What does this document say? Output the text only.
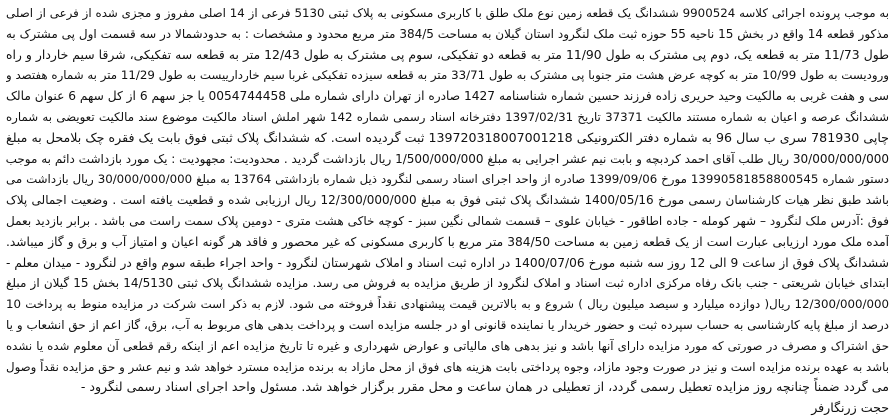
به موجب پرونده اجرائی کلاسه 9900524 ششدانگ یک قطعه زمین نوع ملک طلق با کاربری مسکونی به پلاک ثبتی 5130 فرعی از 14 اصلی مفروز و مجزی شده از فرعی از اصلی
مذکور قطعه 14 واقع در بخش 15 ناحیه 55 حوزه ثبت ملک لنگرود استان گیلان به مساحت 384/5 متر مربع محدود و مشخصات : به حدودشمالا در سه قسمت اول پی مشترک به
طول 11/73 متر به قطعه یک، دوم پی مشترک به طول 11/90 متر به قطعه دو تفکیکی، سوم پی مشترک به طول 12/43 متر به قطعه سه تفکیکی، شرقا سیم خاردار و راه
ورودیست به طول 10/99 متر به کوچه عرض هشت متر جنوبا پی مشترک به طول 33/71 متر به قطعه سیزده تفکیکی غربا سیم خاردارییست به طول 11/29 متر به شماره هفتصد و
سی و هفت غربی به مالکیت وحید حریری زاده فرزند حسین شماره شناسنامه 1427 صادره از تهران دارای شماره ملی 0054744458 یا جز سهم 6 از کل سهم 6 عنوان مالک
ششدانگ عرصه و اعیان به شماره مستند مالکیت 37371 تاریخ 1397/02/31 دفترخانه اسناد رسمی شماره 142 شهر املش اسناد مالکیت موضوع سند مالکیت تعویضی به شماره
چاپی 781930 سری ب سال 96 به شماره دفتر الکترونیکی 139720318007001218 ثبت گردیده است. که ششدانگ پلاک ثبتی فوق بابت یک فقره چک بلامحل به مبلغ
30/000/000/000 ریال طلب آقای احمد کردبچه و بابت نیم عشر اجرایی به مبلغ 1/500/000/000 ریال بازداشت گردید . محدودیت: مجهودیت : یک مورد بازداشت دائم به موجب
دستور شماره 13990581858800545 مورخ 1399/09/06 صادره از واحد اجرای اسناد رسمی لنگرود ذیل شماره بازداشتی 13764 به مبلغ 30/000/000/000 ریال بازداشت می
باشد طبق نظر هیات کارشناسان رسمی مورخ 1400/05/16 ششدانگ پلاک ثبتی فوق به مبلغ 12/300/000/000 ریال ارزیابی شده و قطعیت یافته است . وضعیت اجمالی پلاک
فوق :آدرس ملک لنگرود – شهر کومله - جاده اطاقور - خیابان علوی – قسمت شمالی نگین سبز - کوچه خاکی هشت متری - دومین پلاک سمت راست می باشد . برابر بازدید بعمل
آمده ملک مورد ارزیابی عبارت است از یک قطعه زمین به مساحت 384/50 متر مربع با کاربری مسکونی که غیر محصور و فاقد هر گونه اعیان و امتیاز آب و برق و گاز میباشد.
ششدانگ پلاک فوق از ساعت 9 الی 12 روز سه شنبه مورخ 1400/07/06 در اداره ثبت اسناد و املاک شهرستان لنگرود - واحد اجراء طبقه سوم واقع در لنگرود - میدان معلم -
ابتدای خیابان شریعتی - جنب بانک رفاه مرکزی اداره ثبت اسناد و املاک لنگرود از طریق مزایده به فروش می رسد. مزایده ششدانگ پلاک ثبتی 14/5130 بخش 15 گیلان از مبلغ
12/300/000/000 ریال( دوازده میلیارد و سیصد میلیون ریال ) شروع و به بالاترین قیمت پیشنهادی نقداً فروخته می شود. لازم به ذکر است شرکت در مزایده منوط به پرداخت 10
درصد از مبلغ پایه کارشناسی به حساب سپرده ثبت و حضور خریدار یا نماینده قانونی او در جلسه مزایده است و پرداخت بدهی های مربوط به آب، برق، گاز اعم از حق انشعاب و یا
حق اشتراک و مصرف در صورتی که مورد مزایده دارای آنها باشد و نیز بدهی های مالیاتی و عوارض شهرداری و غیره تا تاریخ مزایده اعم از اینکه رقم قطعی آن معلوم شده یا نشده
باشد به عهده برنده مزایده است و نیز در صورت وجود مازاد، وجوه پرداختی بابت هزینه های فوق از محل مازاد به برنده مزایده مسترد خواهد شد و نیم عشر و حق مزایده نقداً وصول
می گردد ضمناً چنانچه روز مزایده تعطیل رسمی گردد، از تعطیلی در همان ساعت و محل مقرر برگزار خواهد شد. مسئول واحد اجرای اسناد رسمی لنگرود -
حجت زرنگارفر
